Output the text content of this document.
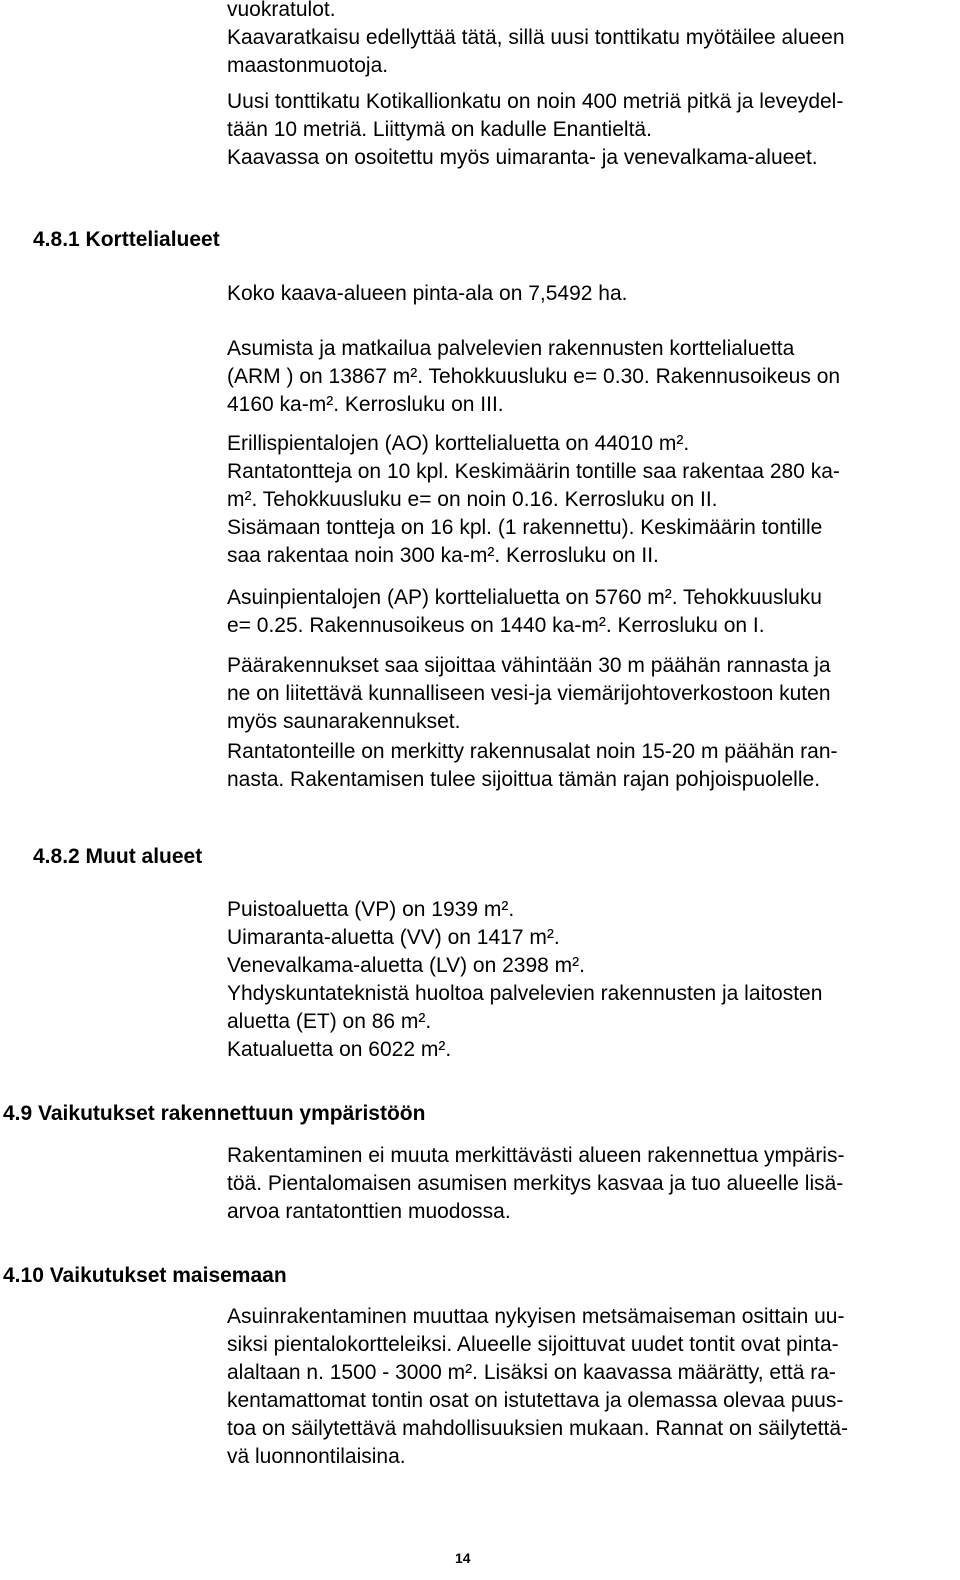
vuokratulot.

Kaavaratkaisu edellyttää tätä, sillä uusi tonttikatu myötäilee alueen

maastonmuotoja.

Uusi tonttikatu Kotikallionkatu on noin 400 metriä pitkä ja leveydel-

tään 10 metriä. Liittymä on kadulle Enantieltä.

Kaavassa on osoitettu myös uimaranta- ja venevalkama-alueet.

4.8.1 Korttelialueet

Koko kaava-alueen pinta-ala on 7,5492 ha.

Asumista ja matkailua palvelevien rakennusten korttelialuetta

(ARM ) on 13867 m². Tehokkuusluku e= 0.30. Rakennusoikeus on

4160 ka-m². Kerrosluku on III.

Erillispientalojen (AO) korttelialuetta on 44010 m².

Rantatontteja on 10 kpl. Keskimäärin tontille saa rakentaa 280 ka-

m². Tehokkuusluku e= on noin 0.16. Kerrosluku on II.

Sisämaan tontteja on 16 kpl. (1 rakennettu). Keskimäärin tontille

saa rakentaa noin 300 ka-m². Kerrosluku on II.

Asuinpientalojen (AP) korttelialuetta on 5760 m². Tehokkuusluku

e= 0.25. Rakennusoikeus on 1440 ka-m². Kerrosluku on I.

Päärakennukset saa sijoittaa vähintään 30 m päähän rannasta ja

ne on liitettävä kunnalliseen vesi-ja viemärijohtoverkostoon kuten

myös saunarakennukset.

Rantatonteille on merkitty rakennusalat noin 15-20 m päähän ran-

nasta. Rakentamisen tulee sijoittua tämän rajan pohjoispuolelle.

4.8.2 Muut alueet

Puistoaluetta (VP) on 1939 m².

Uimaranta-aluetta (VV) on 1417 m².

Venevalkama-aluetta (LV) on 2398 m².

Yhdyskuntateknistä huoltoa palvelevien rakennusten ja laitosten

aluetta (ET) on 86 m².

Katualuetta on 6022 m².

4.9 Vaikutukset rakennettuun ympäristöön

Rakentaminen ei muuta merkittävästi alueen rakennettua ympäris-

töä. Pientalomaisen asumisen merkitys kasvaa ja tuo alueelle lisä-

arvoa rantatonttien muodossa.

4.10 Vaikutukset maisemaan

Asuinrakentaminen muuttaa nykyisen metsämaiseman osittain uu-

siksi pientalokortteleiksi. Alueelle sijoittuvat uudet tontit ovat pinta-

alaltaan n. 1500 - 3000 m². Lisäksi on kaavassa määrätty, että ra-

kentamattomat tontin osat on istutettava ja olemassa olevaa puus-

toa on säilytettävä mahdollisuuksien mukaan. Rannat on säilytettä-

vä luonnontilaisina.

14
